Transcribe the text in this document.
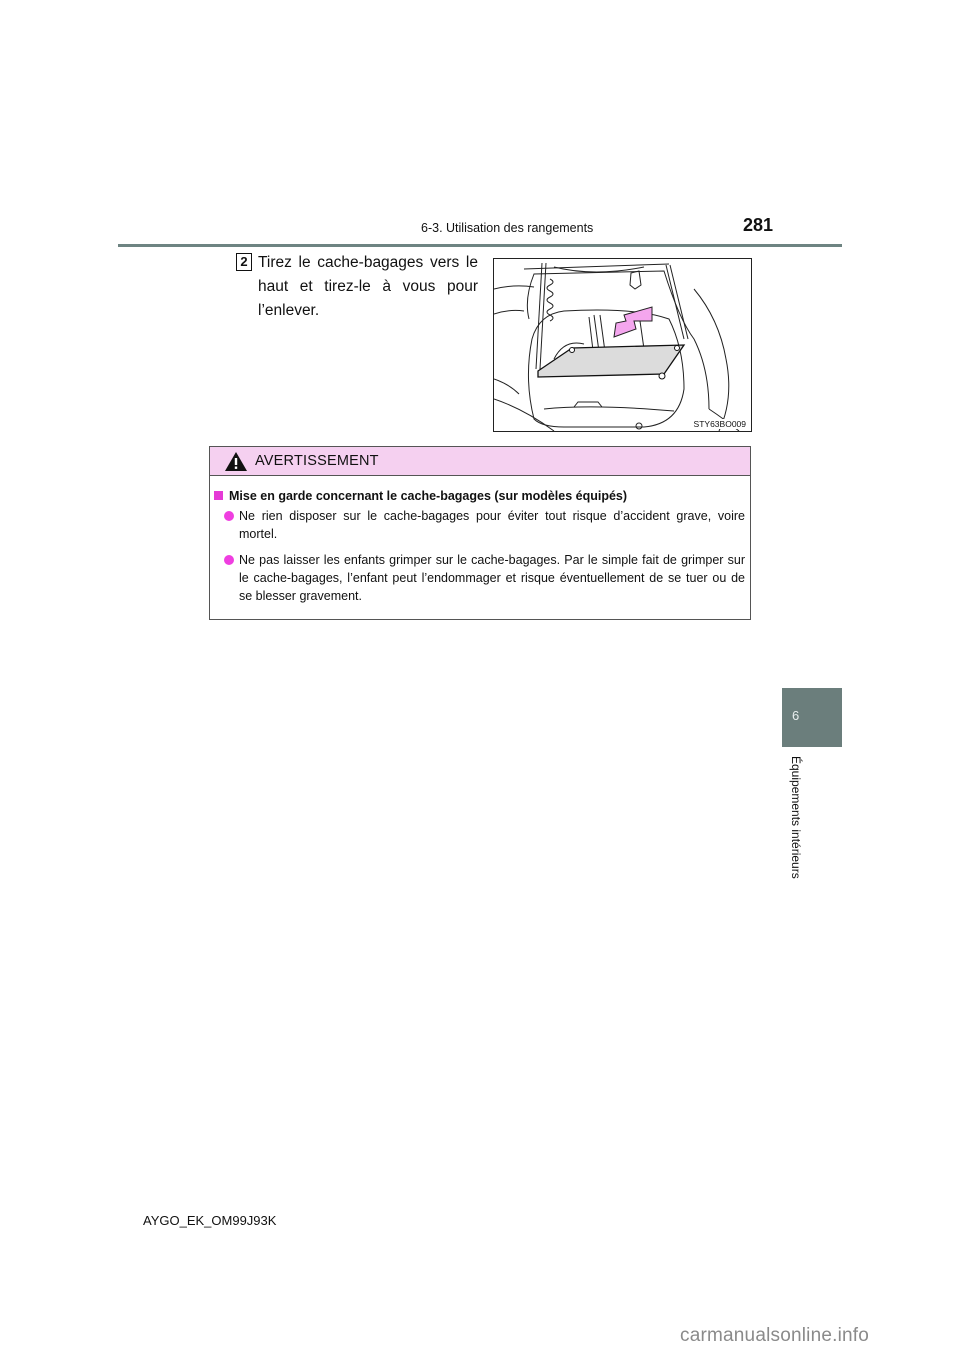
6-3. Utilisation des rangements	281
2 Tirez le cache-bagages vers le haut et tirez-le à vous pour l’enlever.
STY63BO009
AVERTISSEMENT
Mise en garde concernant le cache-bagages (sur modèles équipés)
Ne rien disposer sur le cache-bagages pour éviter tout risque d’accident grave, voire mortel.
Ne pas laisser les enfants grimper sur le cache-bagages. Par le simple fait de grimper sur le cache-bagages, l’enfant peut l’endommager et risque éventuellement de se tuer ou de se blesser gravement.
6
Équipements intérieurs
AYGO_EK_OM99J93K
carmanualsonline.info
